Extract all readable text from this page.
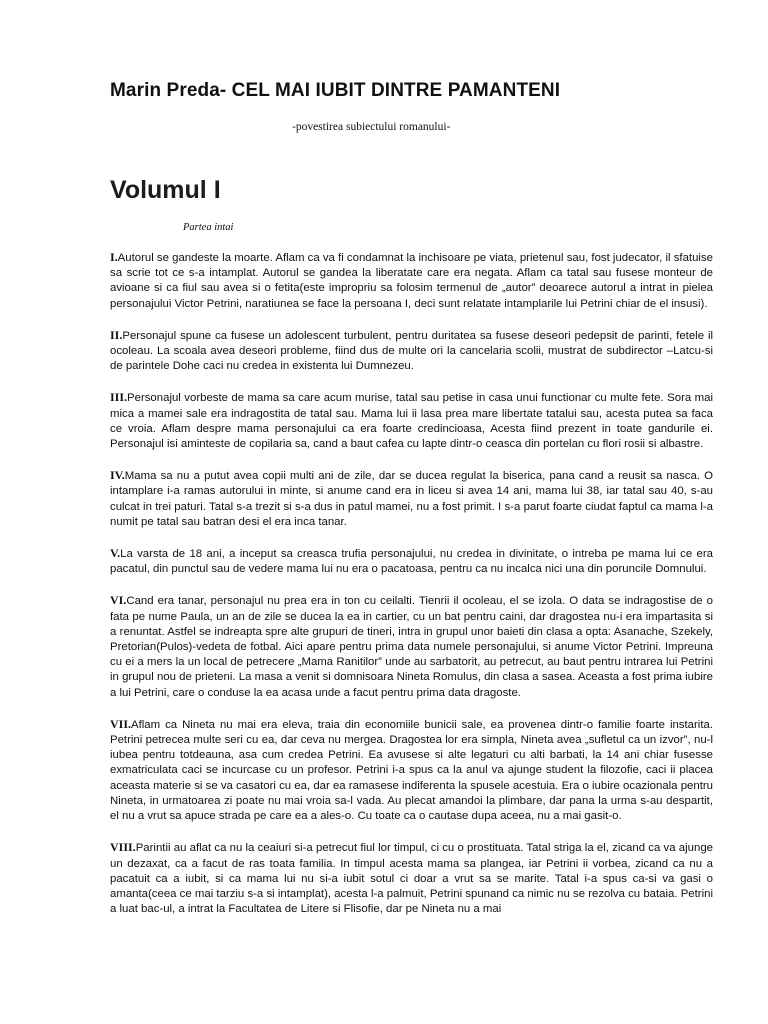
Marin Preda- CEL MAI IUBIT DINTRE PAMANTENI
-povestirea subiectului romanului-
Volumul I
Partea intai

I.Autorul se gandeste la moarte. Aflam ca va fi condamnat la inchisoare pe viata, prietenul sau, fost judecator, il sfatuise sa scrie tot ce s-a intamplat. Autorul se gandea la liberatate care era negata. Aflam ca tatal sau fusese monteur de avioane si ca fiul sau avea si o fetita(este impropriu sa folosim termenul de „autor” deoarece autorul a intrat in pielea personajului Victor Petrini, naratiunea se face la persoana I, deci sunt relatate intamplarile lui Petrini chiar de el insusi).

II.Personajul spune ca fusese un adolescent turbulent, pentru duritatea sa fusese deseori pedepsit de parinti, fetele il ocoleau. La scoala avea deseori probleme, fiind dus de multe ori la cancelaria scolii, mustrat de subdirector –Latcu-si de parintele Dohe caci nu credea in existenta lui Dumnezeu.

III.Personajul vorbeste de mama sa care acum murise, tatal sau petise in casa unui functionar cu multe fete. Sora mai mica a mamei sale era indragostita de tatal sau. Mama lui ii lasa prea mare libertate tatalui sau, acesta putea sa faca ce vroia. Aflam despre mama personajului ca era foarte credincioasa, Acesta fiind prezent in toate gandurile ei. Personajul isi aminteste de copilaria sa, cand a baut cafea cu lapte dintr-o ceasca din portelan cu flori rosii si albastre.

IV.Mama sa nu a putut avea copii multi ani de zile, dar se ducea regulat la biserica, pana cand a reusit sa nasca. O intamplare i-a ramas autorului in minte, si anume cand era in liceu si avea 14 ani, mama lui 38, iar tatal sau 40, s-au culcat in trei paturi. Tatal s-a trezit si s-a dus in patul mamei, nu a fost primit. I s-a parut foarte ciudat faptul ca mama l-a numit pe tatal sau batran desi el era inca tanar.

V.La varsta de 18 ani, a inceput sa creasca trufia personajului, nu credea in divinitate, o intreba pe mama lui ce era pacatul, din punctul sau de vedere mama lui nu era o pacatoasa, pentru ca nu incalca nici una din poruncile Domnului.

VI.Cand era tanar, personajul nu prea era in ton cu ceilalti. Tienrii il ocoleau, el se izola. O data se indragostise de o fata pe nume Paula, un an de zile se ducea la ea in cartier, cu un bat pentru caini, dar dragostea nu-i era impartasita si a renuntat. Astfel se indreapta spre alte grupuri de tineri, intra in grupul unor baieti din clasa a opta: Asanache, Szekely, Pretorian(Pulos)-vedeta de fotbal. Aici apare pentru prima data numele personajului, si anume Victor Petrini. Impreuna cu ei a mers la un local de petrecere „Mama Ranitilor” unde au sarbatorit, au petrecut, au baut pentru intrarea lui Petrini in grupul nou de prieteni. La masa a venit si domnisoara Nineta Romulus, din clasa a sasea. Aceasta a fost prima iubire a lui Petrini, care o conduse la ea acasa unde a facut pentru prima data dragoste.

VII.Aflam ca Nineta nu mai era eleva, traia din economiile bunicii sale, ea provenea dintr-o familie foarte instarita. Petrini petrecea multe seri cu ea, dar ceva nu mergea. Dragostea lor era simpla, Nineta avea „sufletul ca un izvor”, nu-l iubea pentru totdeauna, asa cum credea Petrini. Ea avusese si alte legaturi cu alti barbati, la 14 ani chiar fusesse exmatriculata caci se incurcase cu un profesor. Petrini i-a spus ca la anul va ajunge student la filozofie, caci ii placea aceasta materie si se va casatori cu ea, dar ea ramasese indiferenta la spusele acestuia. Era o iubire ocazionala pentru Nineta, in urmatoarea zi poate nu mai vroia sa-l vada. Au plecat amandoi la plimbare, dar pana la urma s-au despartit, el nu a vrut sa apuce strada pe care ea a ales-o. Cu toate ca o cautase dupa aceea, nu a mai gasit-o.

VIII.Parintii au aflat ca nu la ceaiuri si-a petrecut fiul lor timpul, ci cu o prostituata. Tatal striga la el, zicand ca va ajunge un dezaxat, ca a facut de ras toata familia. In timpul acesta mama sa plangea, iar Petrini ii vorbea, zicand ca nu a pacatuit ca a iubit, si ca mama lui nu si-a iubit sotul ci doar a vrut sa se marite. Tatal i-a spus ca-si va gasi o amanta(ceea ce mai tarziu s-a si intamplat), acesta l-a palmuit, Petrini spunand ca nimic nu se rezolva cu bataia. Petrini a luat bac-ul, a intrat la Facultatea de Litere si Flisofie, dar pe Nineta nu a mai
